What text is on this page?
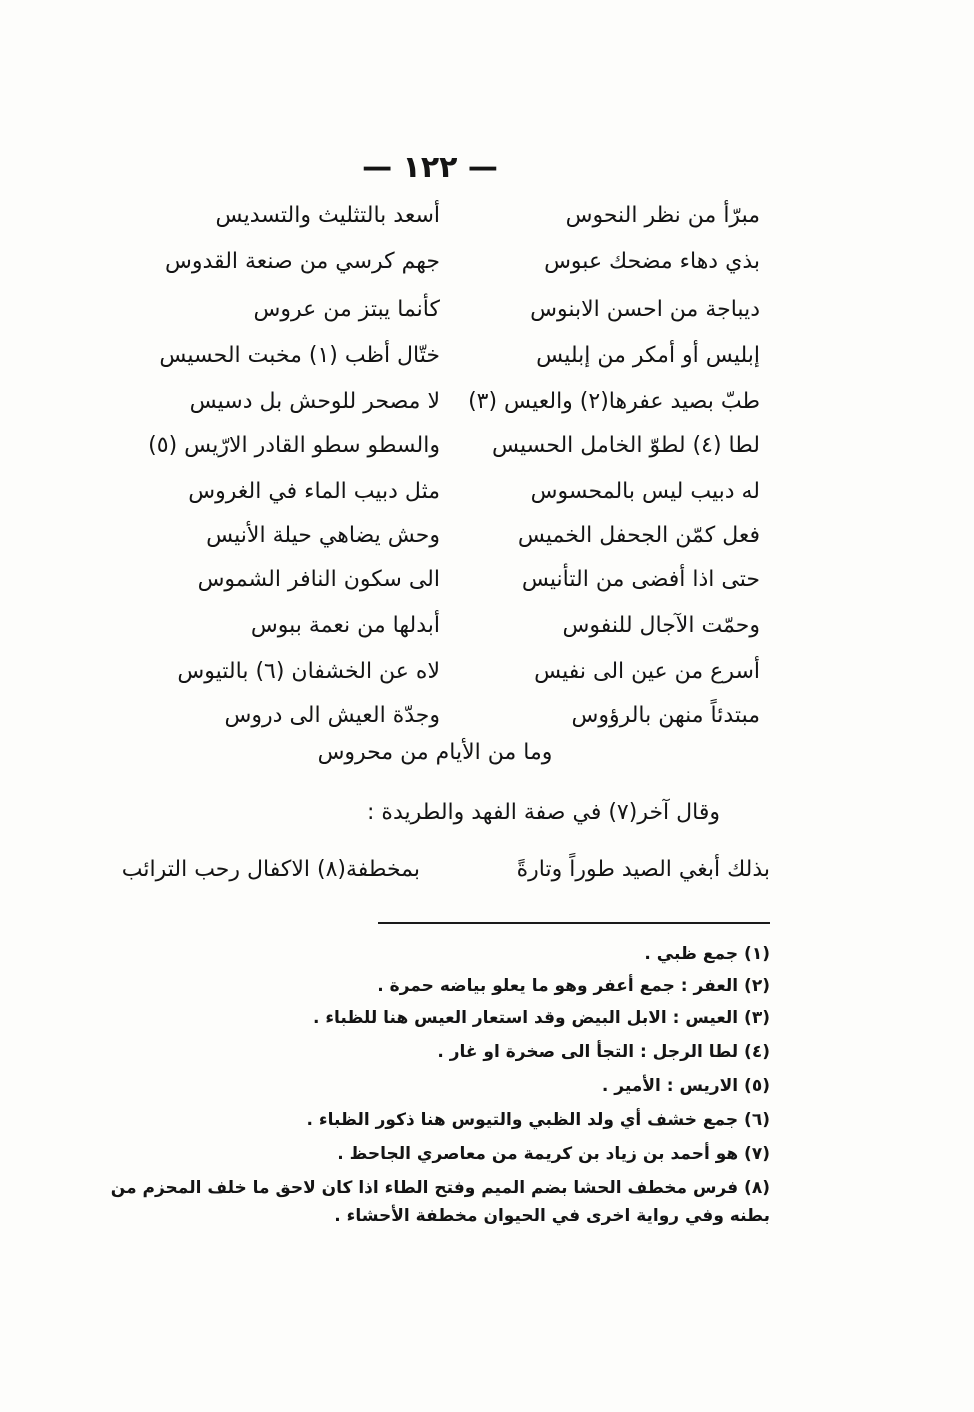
— ١٢٢ —
مبرّأ من نظر النحوس
أسعد بالتثليث والتسديس
بذي دهاء مضحك عبوس
جهم كرسي من صنعة القدوس
ديباجة من احسن الابنوس
كأنما يبتز من عروس
إبليس أو أمكر من إبليس
ختّال أظب (١) مخبت الحسيس
طبّ بصيد عفرها(٢) والعيس (٣)
لا مصحر للوحش بل دسيس
لطا (٤) لطوّ الخامل الحسيس
والسطو سطو القادر الارّيس (٥)
له دبيب ليس بالمحسوس
مثل دبيب الماء في الغروس
فعل كمّن الجحفل الخميس
وحش يضاهي حيلة الأنيس
حتى اذا أفضى من التأنيس
الى سكون النافر الشموس
وحمّت الآجال للنفوس
أبدلها من نعمة ببوس
أسرع من عين الى نفيس
لاه عن الخشفان (٦) بالتيوس
مبتدئاً منهن بالرؤوس
وجدّة العيش الى دروس
وما من الأيام من محروس
وقال آخر(٧) في صفة الفهد والطريدة :
بذلك أبغي الصيد طوراً وتارةً
بمخطفة(٨) الاكفال رحب الترائب
(١) جمع ظبي .
(٢) العفر : جمع أعفر وهو ما يعلو بياضه حمرة .
(٣) العيس : الابل البيض وقد استعار العيس هنا للظباء .
(٤) لطا الرجل : التجأ الى صخرة او غار .
(٥) الاريس : الأمير .
(٦) جمع خشف أي ولد الظبي والتيوس هنا ذكور الظباء .
(٧) هو أحمد بن زياد بن كريمة من معاصري الجاحظ .
(٨) فرس مخطف الحشا بضم الميم وفتح الطاء اذا كان لاحق ما خلف المحزم من بطنه وفي رواية اخرى في الحيوان مخطفة الأحشاء .
